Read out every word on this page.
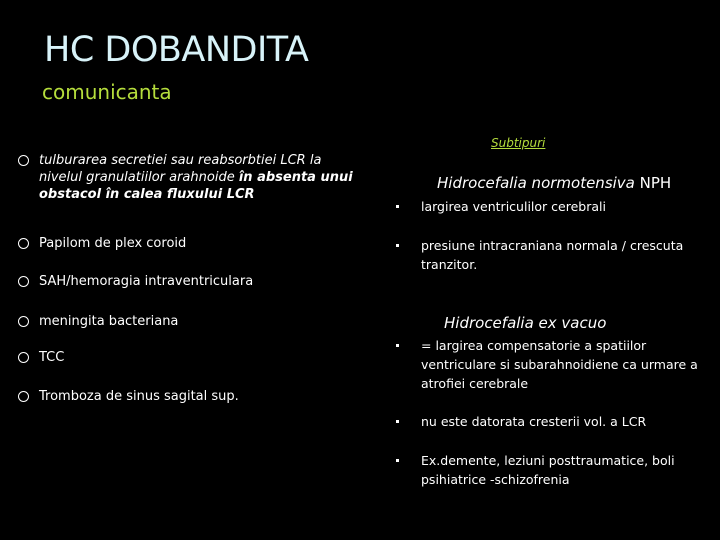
HC DOBANDITA
comunicanta
tulburarea secretiei sau reabsorbtiei LCR la nivelul granulatiilor arahnoide în absenta unui obstacol în calea fluxului LCR
Papilom de plex coroid
SAH/hemoragia intraventriculara
meningita bacteriana
TCC
Tromboza de sinus sagital sup.
Subtipuri
Hidrocefalia normotensiva NPH
Hidrocefalia ex vacuo
largirea ventriculilor cerebrali
presiune intracraniana normala / crescuta tranzitor.
= largirea compensatorie a spatiilor ventriculare si subarahnoidiene ca urmare a atrofiei cerebrale
nu este datorata cresterii vol. a LCR
Ex.demente, leziuni posttraumatice, boli psihiatrice -schizofrenia
